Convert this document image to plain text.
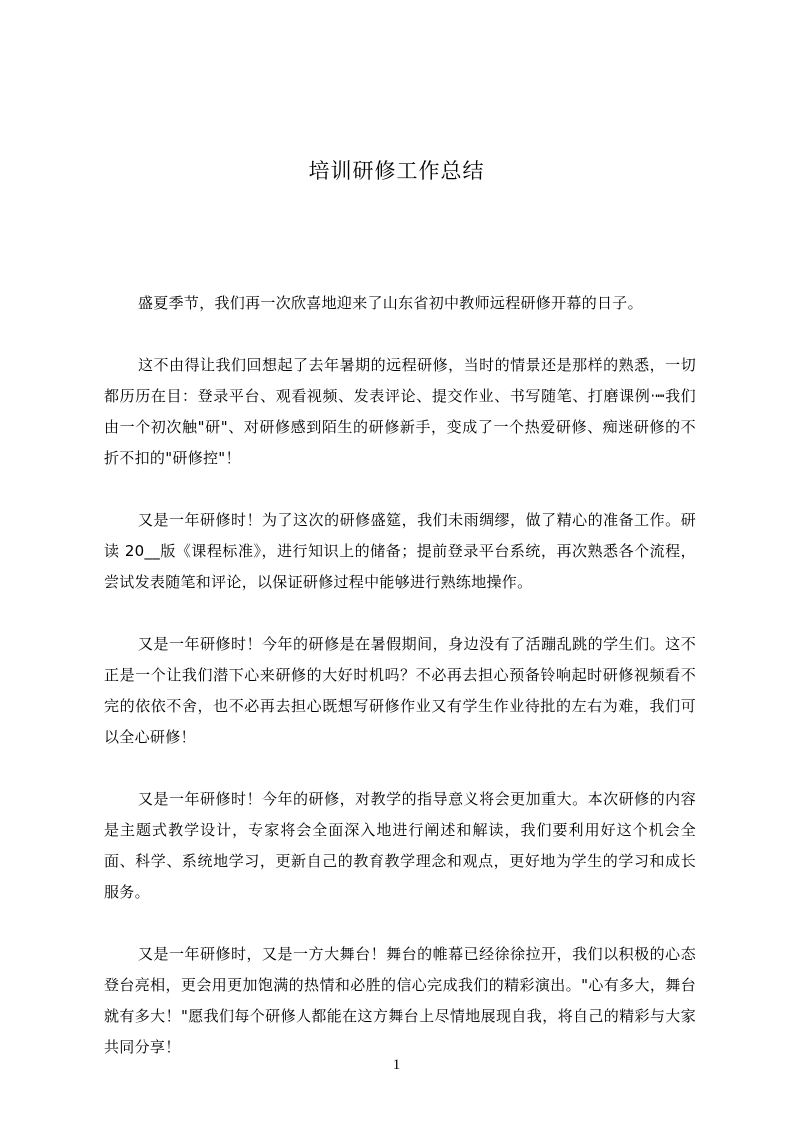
培训研修工作总结

盛夏季节，我们再一次欣喜地迎来了山东省初中教师远程研修开幕的日子。

这不由得让我们回想起了去年暑期的远程研修，当时的情景还是那样的熟悉，一切都历历在目：登录平台、观看视频、发表评论、提交作业、书写随笔、打磨课例·┉我们由一个初次触"研"、对研修感到陌生的研修新手，变成了一个热爱研修、痴迷研修的不折不扣的"研修控"！

又是一年研修时！为了这次的研修盛筵，我们未雨绸缪，做了精心的准备工作。研读 20__版《课程标准》，进行知识上的储备；提前登录平台系统，再次熟悉各个流程，尝试发表随笔和评论，以保证研修过程中能够进行熟练地操作。

又是一年研修时！今年的研修是在暑假期间，身边没有了活蹦乱跳的学生们。这不正是一个让我们潜下心来研修的大好时机吗？不必再去担心预备铃响起时研修视频看不完的依依不舍，也不必再去担心既想写研修作业又有学生作业待批的左右为难，我们可以全心研修！

又是一年研修时！今年的研修，对教学的指导意义将会更加重大。本次研修的内容是主题式教学设计，专家将会全面深入地进行阐述和解读，我们要利用好这个机会全面、科学、系统地学习，更新自己的教育教学理念和观点，更好地为学生的学习和成长服务。

又是一年研修时，又是一方大舞台！舞台的帷幕已经徐徐拉开，我们以积极的心态登台亮相，更会用更加饱满的热情和必胜的信心完成我们的精彩演出。"心有多大，舞台就有多大！"愿我们每个研修人都能在这方舞台上尽情地展现自我，将自己的精彩与大家共同分享！

1
